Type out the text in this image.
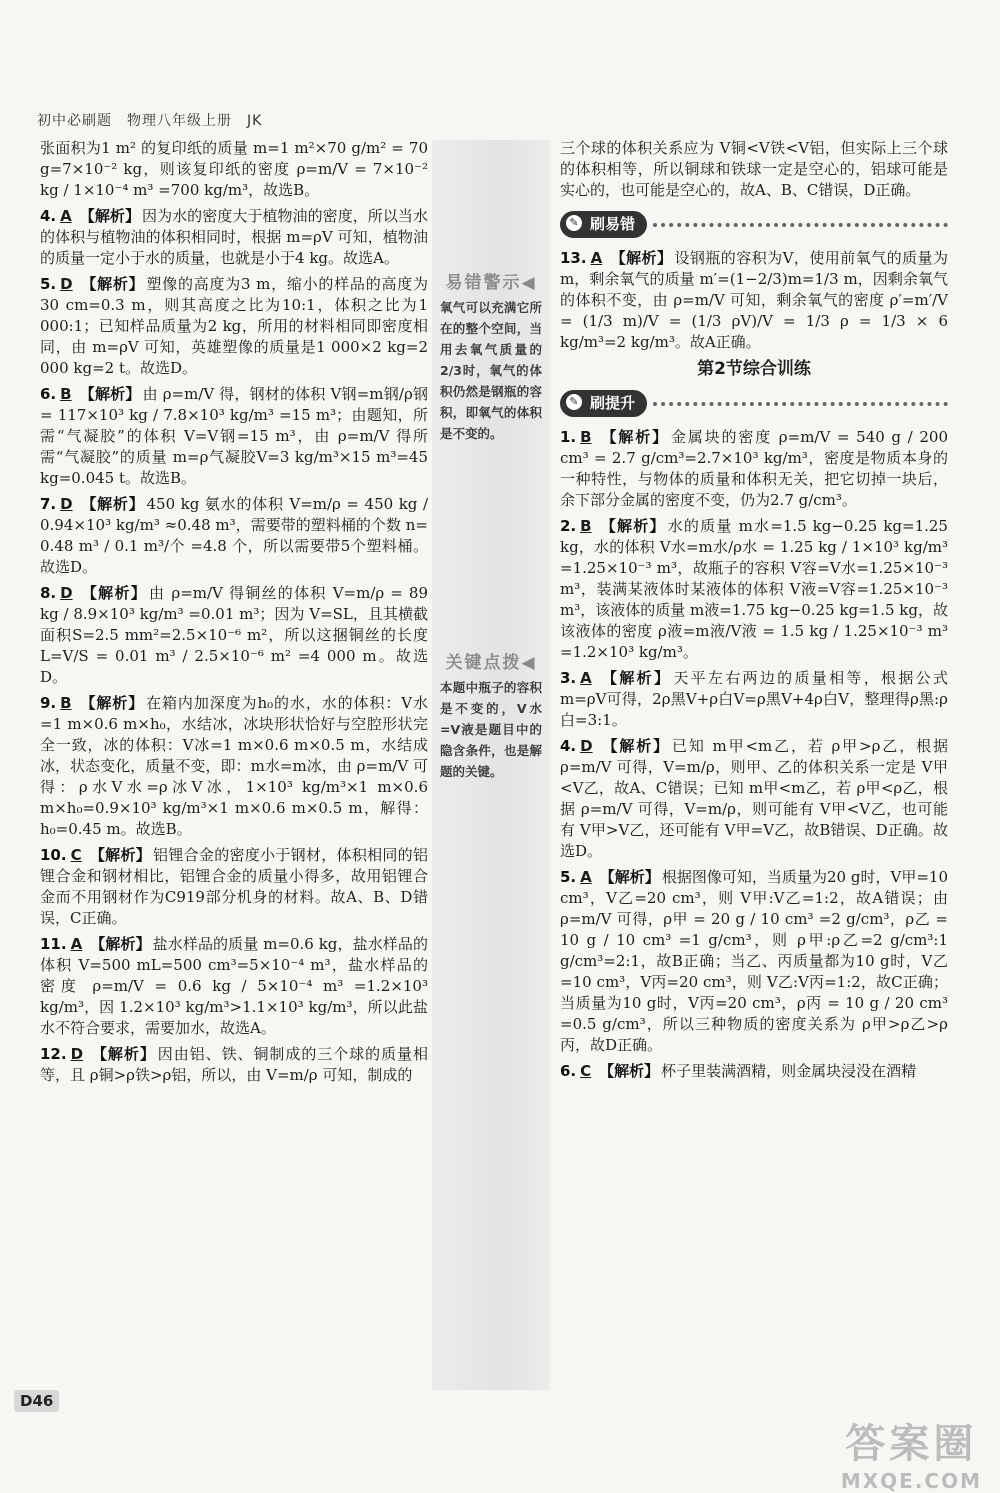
初中必刷题　物理八年级上册　JK
张面积为1 m² 的复印纸的质量 m=1 m²×70 g/m² = 70 g=7×10⁻² kg，则该复印纸的密度 ρ=m/V = 7×10⁻² kg / 1×10⁻⁴ m³ =700 kg/m³，故选B。
4. A 【解析】 因为水的密度大于植物油的密度，所以当水的体积与植物油的体积相同时，根据 m=ρV 可知，植物油的质量一定小于水的质量，也就是小于4 kg。故选A。
5. D 【解析】 塑像的高度为3 m，缩小的样品的高度为30 cm=0.3 m，则其高度之比为10:1，体积之比为1 000:1；已知样品质量为2 kg，所用的材料相同即密度相同，由 m=ρV 可知，英雄塑像的质量是1 000×2 kg=2 000 kg=2 t。故选D。
6. B 【解析】 由 ρ=m/V 得，钢材的体积 V钢=m钢/ρ钢 = 117×10³ kg / 7.8×10³ kg/m³ =15 m³；由题知，所需“气凝胶”的体积 V=V钢=15 m³，由 ρ=m/V 得所需“气凝胶”的质量 m=ρ气凝胶V=3 kg/m³×15 m³=45 kg=0.045 t。故选B。
7. D 【解析】 450 kg 氨水的体积 V=m/ρ = 450 kg / 0.94×10³ kg/m³ ≈0.48 m³，需要带的塑料桶的个数 n= 0.48 m³ / 0.1 m³/个 =4.8 个，所以需要带5个塑料桶。故选D。
8. D 【解析】 由 ρ=m/V 得铜丝的体积 V=m/ρ = 89 kg / 8.9×10³ kg/m³ =0.01 m³；因为 V=SL，且其横截面积S=2.5 mm²=2.5×10⁻⁶ m²，所以这捆铜丝的长度 L=V/S = 0.01 m³ / 2.5×10⁻⁶ m² =4 000 m。故选D。
9. B 【解析】 在箱内加深度为h₀的水，水的体积：V水=1 m×0.6 m×h₀，水结冰，冰块形状恰好与空腔形状完全一致，冰的体积：V冰=1 m×0.6 m×0.5 m，水结成冰，状态变化，质量不变，即：m水=m冰，由 ρ=m/V 可得：ρ水V水=ρ冰V冰，1×10³ kg/m³×1 m×0.6 m×h₀=0.9×10³ kg/m³×1 m×0.6 m×0.5 m，解得：h₀=0.45 m。故选B。
10. C 【解析】 铝锂合金的密度小于钢材，体积相同的铝锂合金和钢材相比，铝锂合金的质量小得多，故用铝锂合金而不用钢材作为C919部分机身的材料。故A、B、D错误，C正确。
11. A 【解析】 盐水样品的质量 m=0.6 kg，盐水样品的体积 V=500 mL=500 cm³=5×10⁻⁴ m³，盐水样品的密度 ρ=m/V = 0.6 kg / 5×10⁻⁴ m³ =1.2×10³ kg/m³，因 1.2×10³ kg/m³>1.1×10³ kg/m³，所以此盐水不符合要求，需要加水，故选A。
12. D 【解析】 因由铝、铁、铜制成的三个球的质量相等，且 ρ铜>ρ铁>ρ铝，所以，由 V=m/ρ 可知，制成的
易错警示◀
氧气可以充满它所在的整个空间，当用去氧气质量的2/3时，氧气的体积仍然是钢瓶的容积，即氧气的体积是不变的。
关键点拨◀
本题中瓶子的容积是不变的，V水=V液是题目中的隐含条件，也是解题的关键。
三个球的体积关系应为 V铜<V铁<V铝，但实际上三个球的体积相等，所以铜球和铁球一定是空心的，铝球可能是实心的，也可能是空心的，故A、B、C错误，D正确。
✎ 刷易错
13. A 【解析】 设钢瓶的容积为V，使用前氧气的质量为m，剩余氧气的质量 m′=(1−2/3)m=1/3 m，因剩余氧气的体积不变，由 ρ=m/V 可知，剩余氧气的密度 ρ′=m′/V = (1/3 m)/V = (1/3 ρV)/V = 1/3 ρ = 1/3 × 6 kg/m³=2 kg/m³。故A正确。
第2节综合训练
✎ 刷提升
1. B 【解析】 金属块的密度 ρ=m/V = 540 g / 200 cm³ = 2.7 g/cm³=2.7×10³ kg/m³，密度是物质本身的一种特性，与物体的质量和体积无关，把它切掉一块后，余下部分金属的密度不变，仍为2.7 g/cm³。
2. B 【解析】 水的质量 m水=1.5 kg−0.25 kg=1.25 kg，水的体积 V水=m水/ρ水 = 1.25 kg / 1×10³ kg/m³ =1.25×10⁻³ m³，故瓶子的容积 V容=V水=1.25×10⁻³ m³，装满某液体时某液体的体积 V液=V容=1.25×10⁻³ m³，该液体的质量 m液=1.75 kg−0.25 kg=1.5 kg，故该液体的密度 ρ液=m液/V液 = 1.5 kg / 1.25×10⁻³ m³ =1.2×10³ kg/m³。
3. A 【解析】 天平左右两边的质量相等，根据公式 m=ρV可得，2ρ黑V+ρ白V=ρ黑V+4ρ白V，整理得ρ黑:ρ白=3:1。
4. D 【解析】 已知 m甲<m乙，若 ρ甲>ρ乙，根据 ρ=m/V 可得，V=m/ρ，则甲、乙的体积关系一定是 V甲<V乙，故A、C错误；已知 m甲<m乙，若 ρ甲<ρ乙，根据 ρ=m/V 可得，V=m/ρ，则可能有 V甲<V乙，也可能有 V甲>V乙，还可能有 V甲=V乙，故B错误、D正确。故选D。
5. A 【解析】 根据图像可知，当质量为20 g时，V甲=10 cm³，V乙=20 cm³，则 V甲:V乙=1:2，故A错误；由 ρ=m/V 可得，ρ甲 = 20 g / 10 cm³ =2 g/cm³，ρ乙 = 10 g / 10 cm³ =1 g/cm³，则 ρ甲:ρ乙=2 g/cm³:1 g/cm³=2:1，故B正确；当乙、丙质量都为10 g时，V乙=10 cm³，V丙=20 cm³，则 V乙:V丙=1:2，故C正确；当质量为10 g时，V丙=20 cm³，ρ丙 = 10 g / 20 cm³ =0.5 g/cm³，所以三种物质的密度关系为 ρ甲>ρ乙>ρ丙，故D正确。
6. C 【解析】 杯子里装满酒精，则金属块浸没在酒精
D46
答案圈
MXQE.COM
